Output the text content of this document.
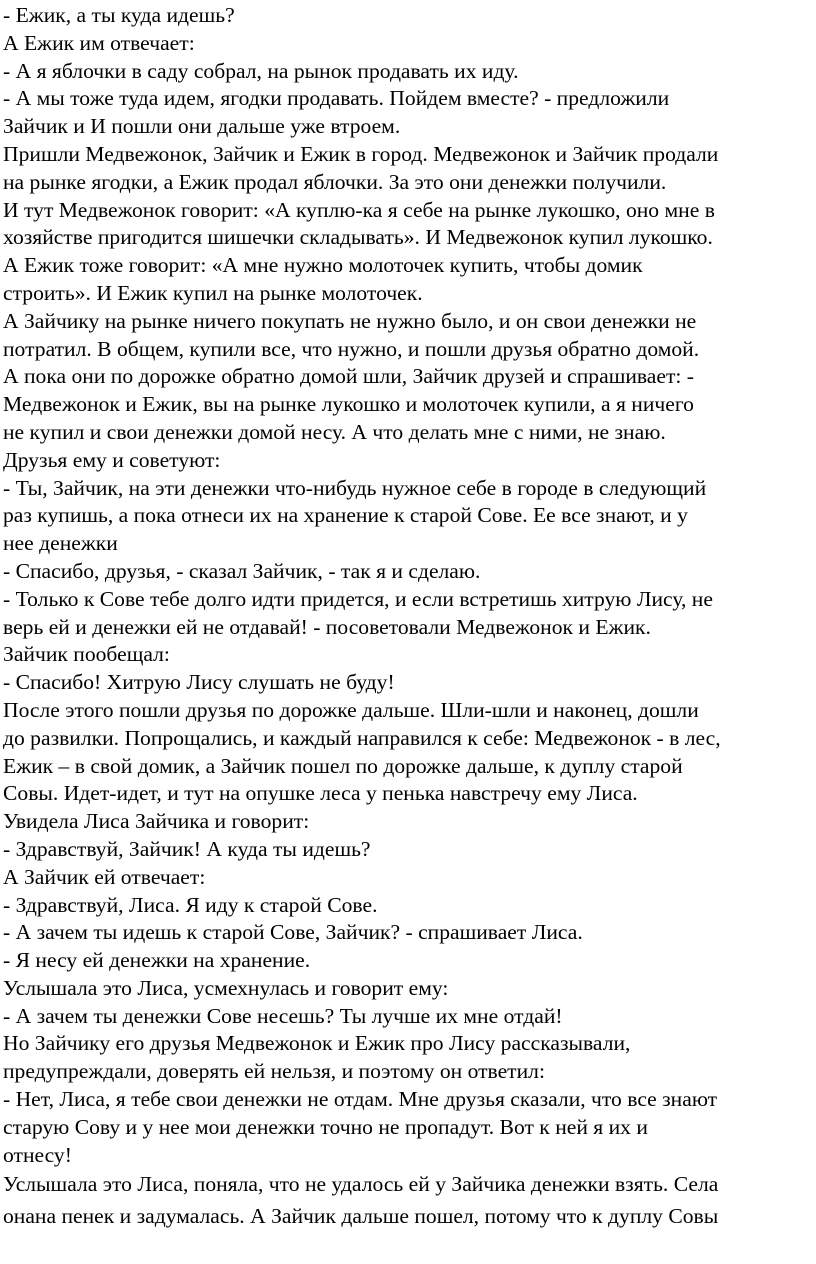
- Ежик, а ты куда идешь?
А Ежик им отвечает:
- А я яблочки в саду собрал, на рынок продавать их иду.
- А мы тоже туда идем, ягодки продавать. Пойдем вместе? - предложили
Зайчик и И пошли они дальше уже втроем.
Пришли Медвежонок, Зайчик и Ежик в город. Медвежонок и Зайчик продали
на рынке ягодки, а Ежик продал яблочки. За это они денежки получили.
И тут Медвежонок говорит: «А куплю-ка я себе на рынке лукошко, оно мне в
хозяйстве пригодится шишечки складывать». И Медвежонок купил лукошко.
А Ежик тоже говорит: «А мне нужно молоточек купить, чтобы домик
строить». И Ежик купил на рынке молоточек.
А Зайчику на рынке ничего покупать не нужно было, и он свои денежки не
потратил. В общем, купили все, что нужно, и пошли друзья обратно домой.
А пока они по дорожке обратно домой шли, Зайчик друзей и спрашивает: -
Медвежонок и Ежик, вы на рынке лукошко и молоточек купили, а я ничего
не купил и свои денежки домой несу. А что делать мне с ними, не знаю.
Друзья ему и советуют:
- Ты, Зайчик, на эти денежки что-нибудь нужное себе в городе в следующий
раз купишь, а пока отнеси их на хранение к старой Сове. Ее все знают, и у
нее денежки
- Спасибо, друзья, - сказал Зайчик, - так я и сделаю.
- Только к Сове тебе долго идти придется, и если встретишь хитрую Лису, не
верь ей и денежки ей не отдавай! - посоветовали Медвежонок и Ежик.
Зайчик пообещал:
- Спасибо! Хитрую Лису слушать не буду!
После этого пошли друзья по дорожке дальше. Шли-шли и наконец, дошли
до развилки. Попрощались, и каждый направился к себе: Медвежонок - в лес,
Ежик – в свой домик, а Зайчик пошел по дорожке дальше, к дуплу старой
Совы. Идет-идет, и тут на опушке леса у пенька навстречу ему Лиса.
Увидела Лиса Зайчика и говорит:
- Здравствуй, Зайчик! А куда ты идешь?
А Зайчик ей отвечает:
- Здравствуй, Лиса. Я иду к старой Сове.
- А зачем ты идешь к старой Сове, Зайчик? - спрашивает Лиса.
- Я несу ей денежки на хранение.
Услышала это Лиса, усмехнулась и говорит ему:
- А зачем ты денежки Сове несешь? Ты лучше их мне отдай!
Но Зайчику его друзья Медвежонок и Ежик про Лису рассказывали,
предупреждали, доверять ей нельзя, и поэтому он ответил:
- Нет, Лиса, я тебе свои денежки не отдам. Мне друзья сказали, что все знают
старую Сову и у нее мои денежки точно не пропадут. Вот к ней я их и
отнесу!
Услышала это Лиса, поняла, что не удалось ей у Зайчика денежки взять. Села
онана пенек и задумалась. А Зайчик дальше пошел, потому что к дуплу Совы
